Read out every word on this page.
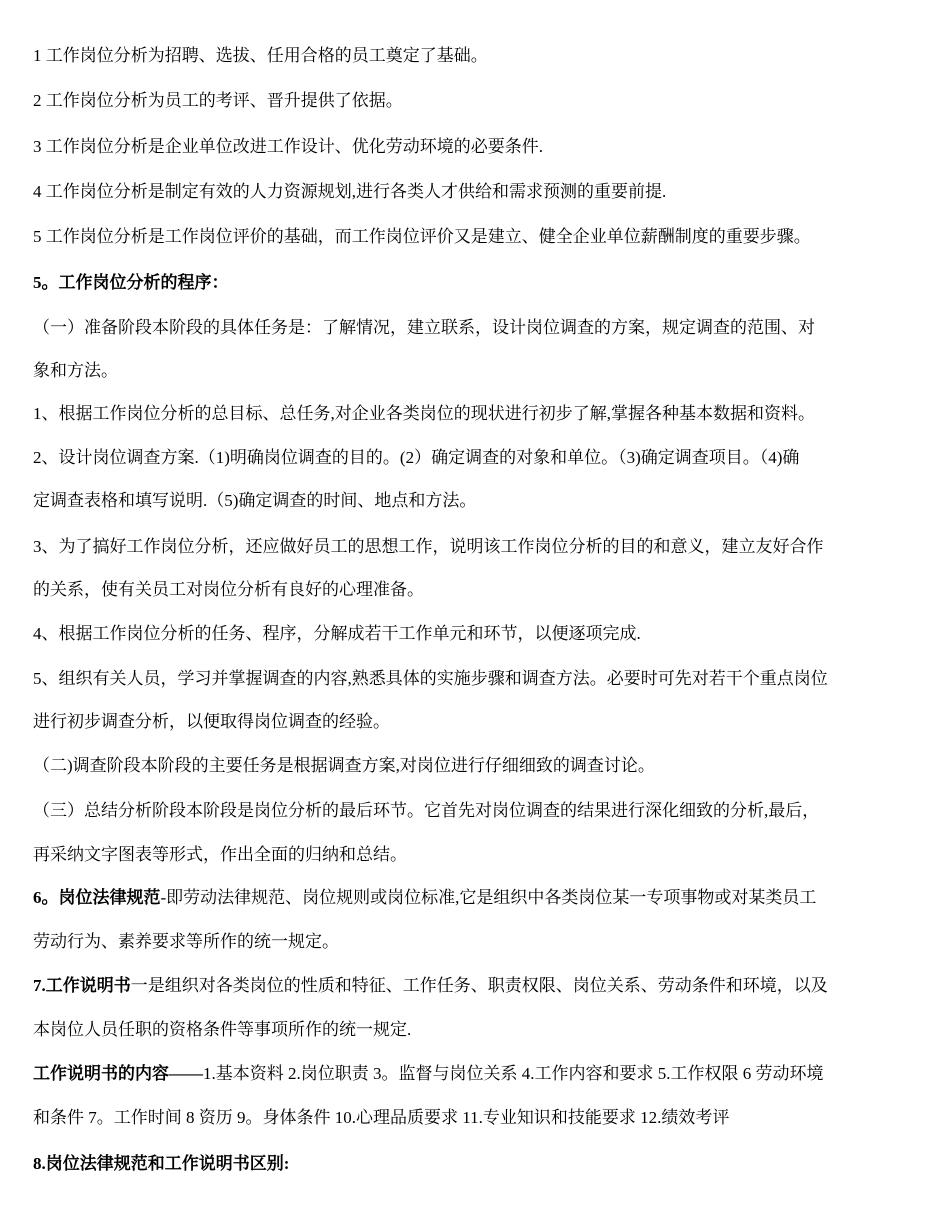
1 工作岗位分析为招聘、选拔、任用合格的员工奠定了基础。
2 工作岗位分析为员工的考评、晋升提供了依据。
3 工作岗位分析是企业单位改进工作设计、优化劳动环境的必要条件.
4 工作岗位分析是制定有效的人力资源规划,进行各类人才供给和需求预测的重要前提.
5 工作岗位分析是工作岗位评价的基础，而工作岗位评价又是建立、健全企业单位薪酬制度的重要步骤。
5。工作岗位分析的程序：
（一）准备阶段本阶段的具体任务是：了解情况，建立联系，设计岗位调查的方案，规定调查的范围、对
象和方法。
1、根据工作岗位分析的总目标、总任务,对企业各类岗位的现状进行初步了解,掌握各种基本数据和资料。
2、设计岗位调查方案.（1)明确岗位调查的目的。(2）确定调查的对象和单位。（3)确定调查项目。（4)确
定调查表格和填写说明.（5)确定调查的时间、地点和方法。
3、为了搞好工作岗位分析，还应做好员工的思想工作，说明该工作岗位分析的目的和意义，建立友好合作
的关系，使有关员工对岗位分析有良好的心理准备。
4、根据工作岗位分析的任务、程序，分解成若干工作单元和环节，以便逐项完成.
5、组织有关人员，学习并掌握调查的内容,熟悉具体的实施步骤和调查方法。必要时可先对若干个重点岗位
进行初步调查分析，以便取得岗位调查的经验。
（二)调查阶段本阶段的主要任务是根据调查方案,对岗位进行仔细细致的调查讨论。
（三）总结分析阶段本阶段是岗位分析的最后环节。它首先对岗位调查的结果进行深化细致的分析,最后，
再采纳文字图表等形式，作出全面的归纳和总结。
6。岗位法律规范-即劳动法律规范、岗位规则或岗位标准,它是组织中各类岗位某一专项事物或对某类员工
劳动行为、素养要求等所作的统一规定。
7.工作说明书一是组织对各类岗位的性质和特征、工作任务、职责权限、岗位关系、劳动条件和环境，以及
本岗位人员任职的资格条件等事项所作的统一规定.
工作说明书的内容——1.基本资料 2.岗位职责 3。监督与岗位关系 4.工作内容和要求 5.工作权限 6 劳动环境
和条件 7。工作时间 8 资历 9。身体条件 10.心理品质要求 11.专业知识和技能要求 12.绩效考评
8.岗位法律规范和工作说明书区别:
